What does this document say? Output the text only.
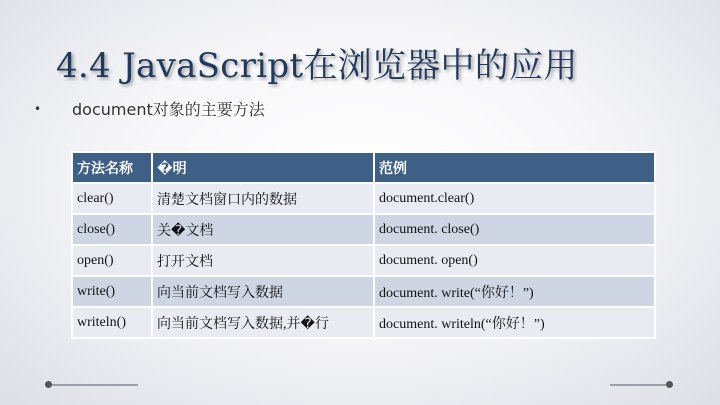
4.4 JavaScript在浏览器中的应用
•	document对象的主要方法
方法名称	�明	范例
clear()	清楚文档窗口内的数据	document.clear()
close()	关�文档	document. close()
open()	打开文档	document. open()
write()	向当前文档写入数据	document. write(“你好！”)
writeln()	向当前文档写入数据,并�行	document. writeln(“你好！”)
